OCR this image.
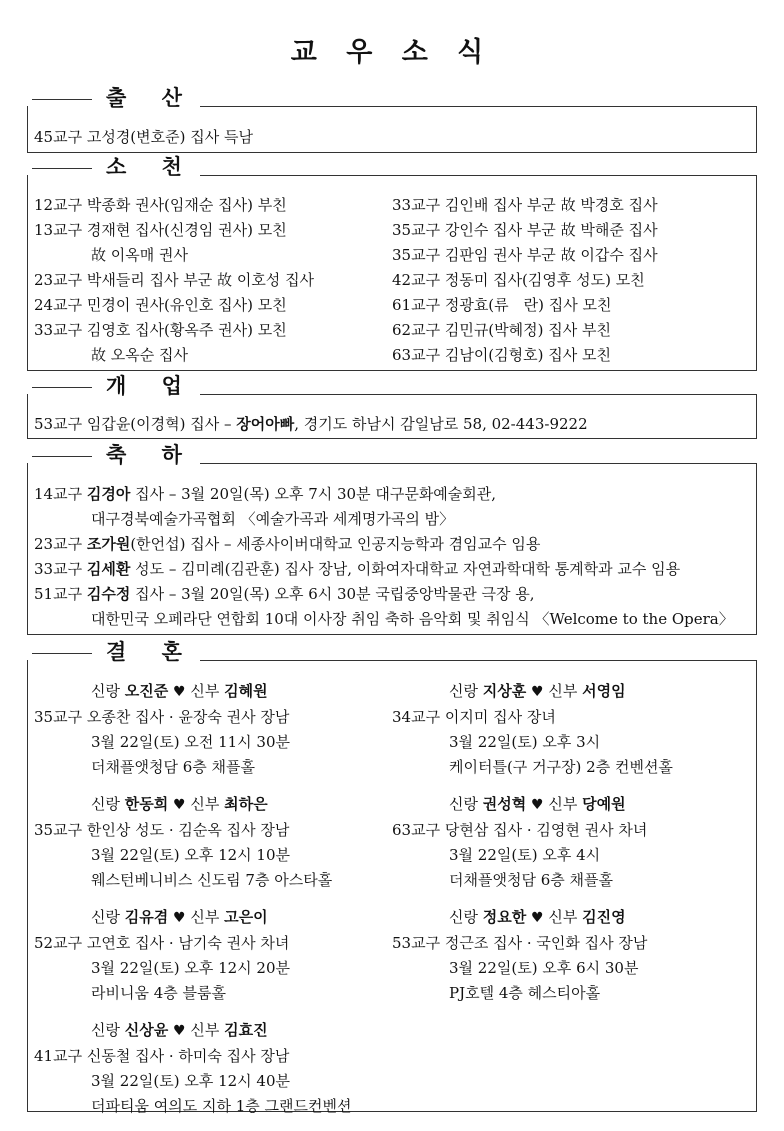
교 우 소 식
출 산
45교구 고성경(변호준) 집사 득남
소 천
12교구 박종화 권사(임재순 집사) 부친
13교구 경재현 집사(신경임 권사) 모친
故 이옥매 권사
23교구 박새들리 집사 부군 故 이호성 집사
24교구 민경이 권사(유인호 집사) 모친
33교구 김영호 집사(황옥주 권사) 모친
故 오옥순 집사
33교구 김인배 집사 부군 故 박경호 집사
35교구 강인수 집사 부군 故 박해준 집사
35교구 김판임 권사 부군 故 이갑수 집사
42교구 정동미 집사(김영후 성도) 모친
61교구 정광효(류　란) 집사 모친
62교구 김민규(박혜정) 집사 부친
63교구 김남이(김형호) 집사 모친
개 업
53교구 임갑윤(이경혁) 집사 – 장어아빠, 경기도 하남시 감일남로 58, 02-443-9222
축 하
14교구 김경아 집사 – 3월 20일(목) 오후 7시 30분 대구문화예술회관,
대구경북예술가곡협회 〈예술가곡과 세계명가곡의 밤〉
23교구 조가원(한언섭) 집사 – 세종사이버대학교 인공지능학과 겸임교수 임용
33교구 김세환 성도 – 김미례(김관훈) 집사 장남, 이화여자대학교 자연과학대학 통계학과 교수 임용
51교구 김수정 집사 – 3월 20일(목) 오후 6시 30분 국립중앙박물관 극장 용,
대한민국 오페라단 연합회 10대 이사장 취임 축하 음악회 및 취임식 〈Welcome to the Opera〉
결 혼
신랑 오진준 ♥ 신부 김혜원
35교구 오종찬 집사 · 윤장숙 권사 장남
3월 22일(토) 오전 11시 30분
더채플앳청담 6층 채플홀
신랑 한동희 ♥ 신부 최하은
35교구 한인상 성도 · 김순옥 집사 장남
3월 22일(토) 오후 12시 10분
웨스턴베니비스 신도림 7층 아스타홀
신랑 김유겸 ♥ 신부 고은이
52교구 고연호 집사 · 남기숙 권사 차녀
3월 22일(토) 오후 12시 20분
라비니움 4층 블룸홀
신랑 신상윤 ♥ 신부 김효진
41교구 신동철 집사 · 하미숙 집사 장남
3월 22일(토) 오후 12시 40분
더파티움 여의도 지하 1층 그랜드컨벤션
신랑 지상훈 ♥ 신부 서영임
34교구 이지미 집사 장녀
3월 22일(토) 오후 3시
케이터틀(구 거구장) 2층 컨벤션홀
신랑 권성혁 ♥ 신부 당예원
63교구 당현삼 집사 · 김영현 권사 차녀
3월 22일(토) 오후 4시
더채플앳청담 6층 채플홀
신랑 정요한 ♥ 신부 김진영
53교구 정근조 집사 · 국인화 집사 장남
3월 22일(토) 오후 6시 30분
PJ호텔 4층 헤스티아홀
